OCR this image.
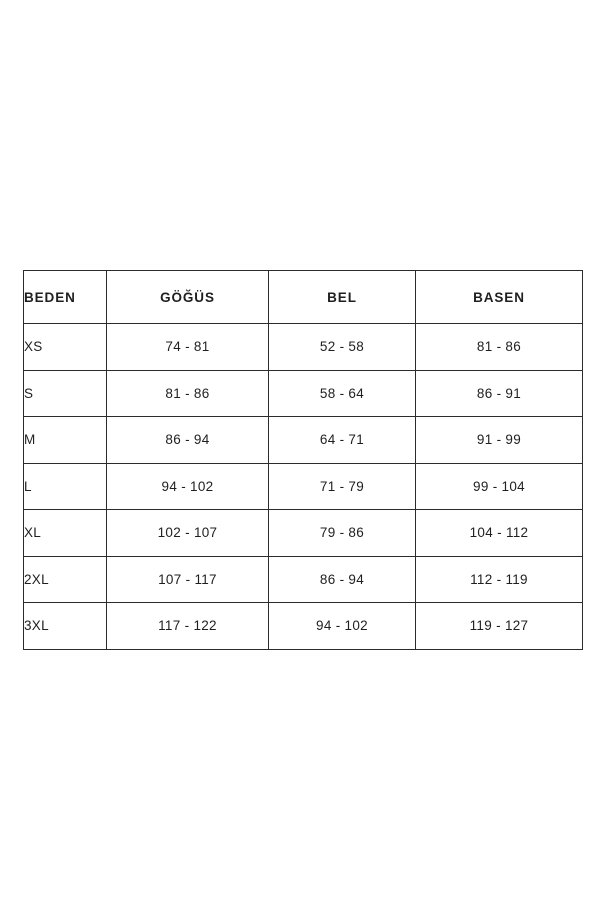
BEDEN	GÖĞÜS	BEL	BASEN
XS	74 - 81	52 - 58	81 - 86
S	81 - 86	58 - 64	86 - 91
M	86 - 94	64 - 71	91 - 99
L	94 - 102	71 - 79	99 - 104
XL	102 - 107	79 - 86	104 - 112
2XL	107 - 117	86 - 94	112 - 119
3XL	117 - 122	94 - 102	119 - 127
